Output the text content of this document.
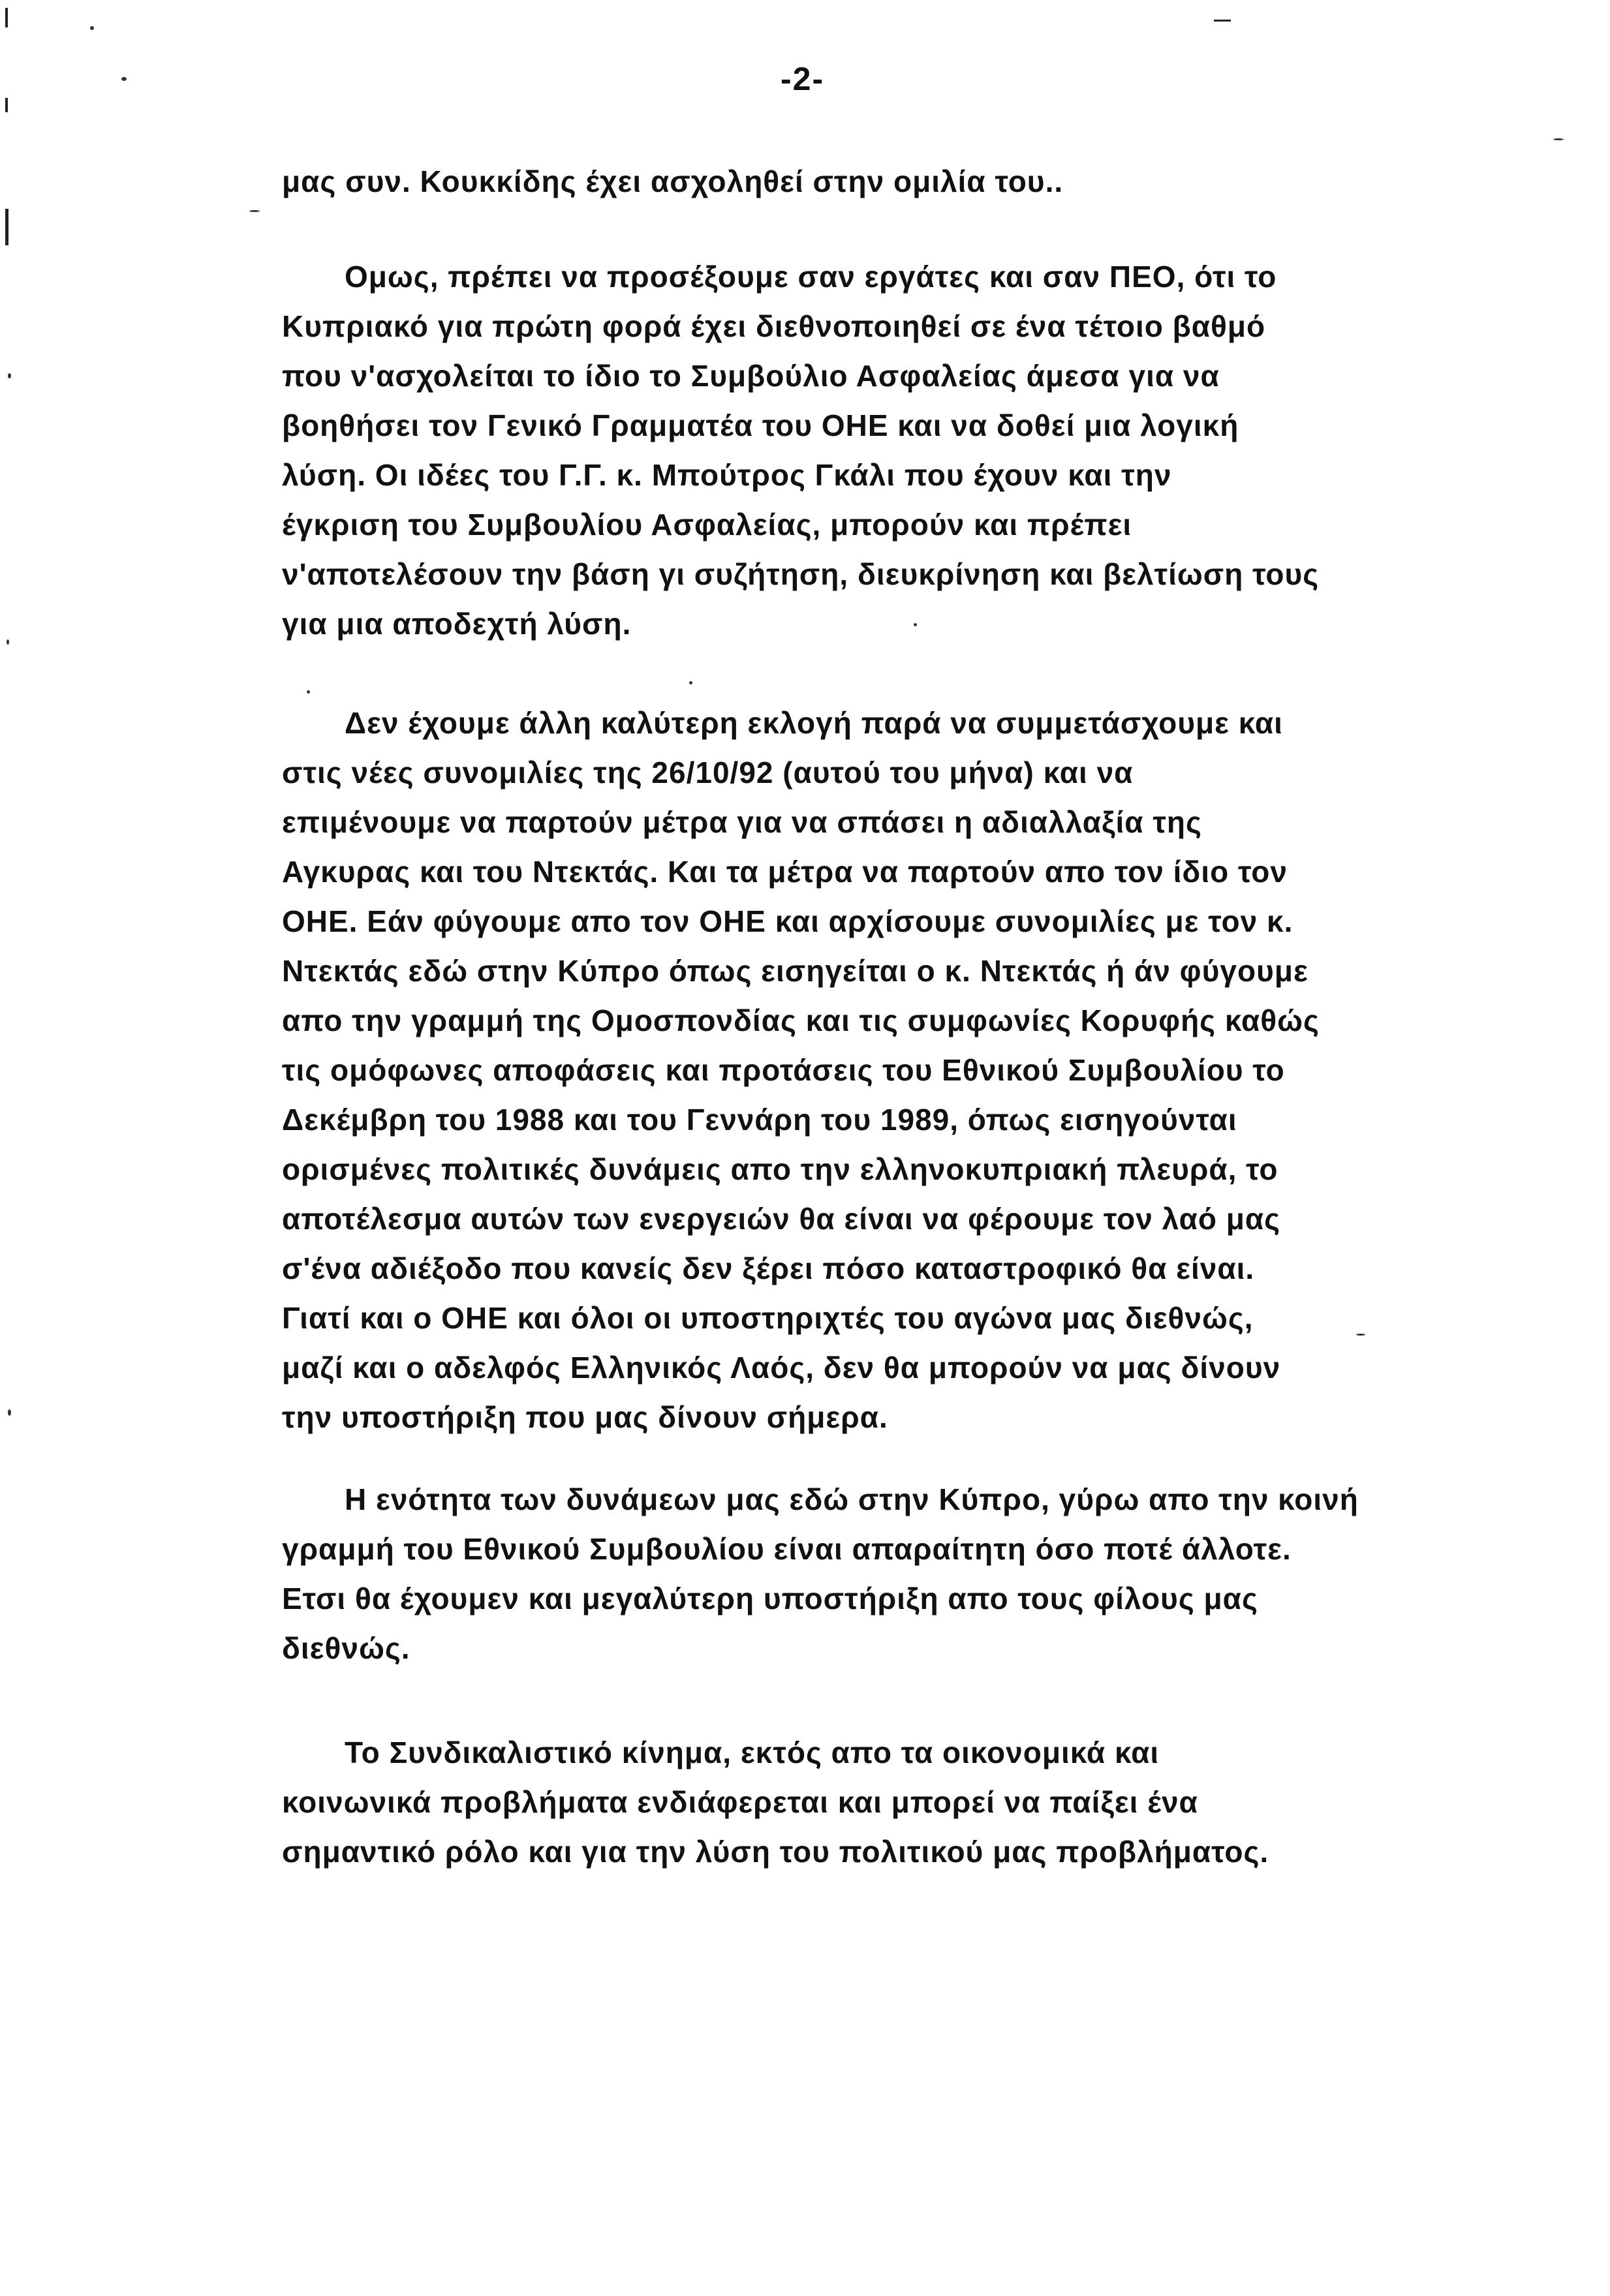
-2-
μας συν. Κουκκίδης έχει ασχοληθεί στην ομιλία του..
Ομως, πρέπει να προσέξουμε σαν εργάτες και σαν ΠΕΟ, ότι το
Κυπριακό για πρώτη φορά έχει διεθνοποιηθεί σε ένα τέτοιο βαθμό
που ν'ασχολείται το ίδιο το Συμβούλιο Ασφαλείας άμεσα για να
βοηθήσει τον Γενικό Γραμματέα του ΟΗΕ και να δοθεί μια λογική
λύση. Οι ιδέες του Γ.Γ. κ. Μπούτρος Γκάλι που έχουν και την
έγκριση του Συμβουλίου Ασφαλείας, μπορούν και πρέπει
ν'αποτελέσουν την βάση γι συζήτηση, διευκρίνηση και βελτίωση τους
για μια αποδεχτή λύση.
Δεν έχουμε άλλη καλύτερη εκλογή παρά να συμμετάσχουμε και
στις νέες συνομιλίες της 26/10/92 (αυτού του μήνα) και να
επιμένουμε να παρτούν μέτρα για να σπάσει η αδιαλλαξία της
Αγκυρας και του Ντεκτάς. Και τα μέτρα να παρτούν απο τον ίδιο τον
ΟΗΕ. Εάν φύγουμε απο τον ΟΗΕ και αρχίσουμε συνομιλίες με τον κ.
Ντεκτάς εδώ στην Κύπρο όπως εισηγείται ο κ. Ντεκτάς ή άν φύγουμε
απο την γραμμή της Ομοσπονδίας και τις συμφωνίες Κορυφής καθώς
τις ομόφωνες αποφάσεις και προτάσεις του Εθνικού Συμβουλίου το
Δεκέμβρη του 1988 και του Γεννάρη του 1989, όπως εισηγούνται
ορισμένες πολιτικές δυνάμεις απο την ελληνοκυπριακή πλευρά, το
αποτέλεσμα αυτών των ενεργειών θα είναι να φέρουμε τον λαό μας
σ'ένα αδιέξοδο που κανείς δεν ξέρει πόσο καταστροφικό θα είναι.
Γιατί και ο ΟΗΕ και όλοι οι υποστηριχτές του αγώνα μας διεθνώς,
μαζί και ο αδελφός Ελληνικός Λαός, δεν θα μπορούν να μας δίνουν
την υποστήριξη που μας δίνουν σήμερα.
Η ενότητα των δυνάμεων μας εδώ στην Κύπρο, γύρω απο την κοινή
γραμμή του Εθνικού Συμβουλίου είναι απαραίτητη όσο ποτέ άλλοτε.
Ετσι θα έχουμεν και μεγαλύτερη υποστήριξη απο τους φίλους μας
διεθνώς.
Το Συνδικαλιστικό κίνημα, εκτός απο τα οικονομικά και
κοινωνικά προβλήματα ενδιάφερεται και μπορεί να παίξει ένα
σημαντικό ρόλο και για την λύση του πολιτικού μας προβλήματος.
